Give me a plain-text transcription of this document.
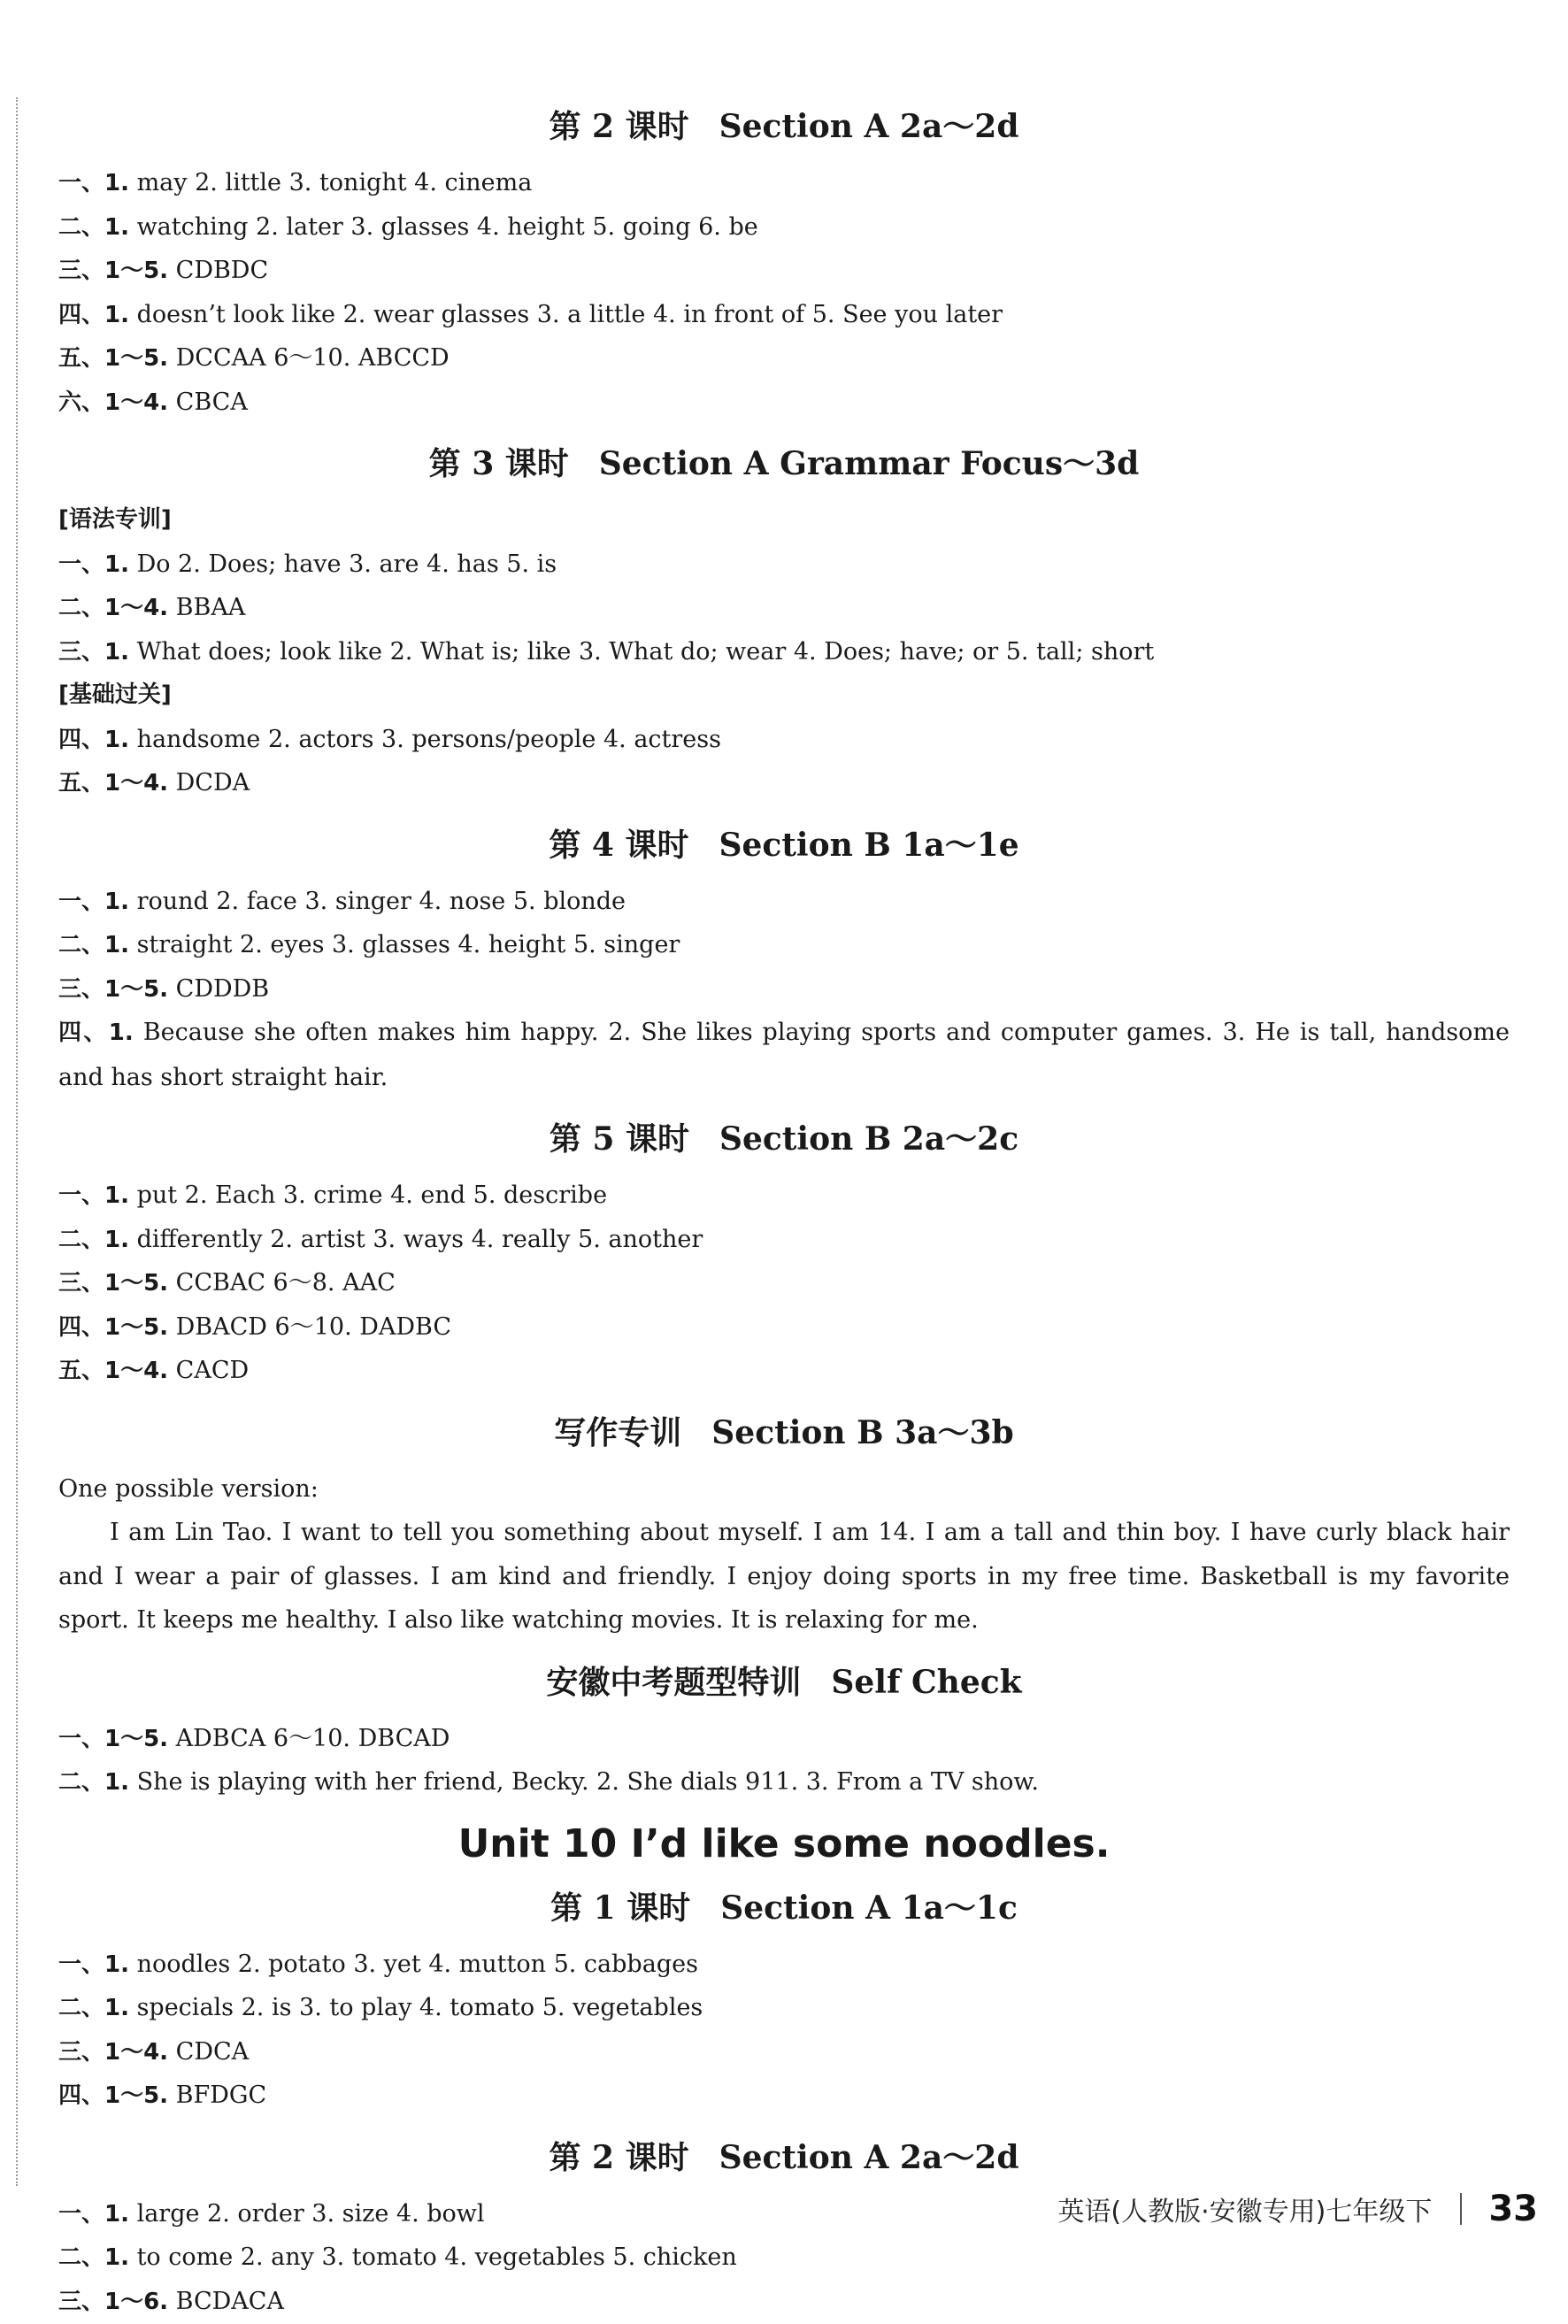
第 2 课时 Section A 2a～2d
一、1. may 2. little 3. tonight 4. cinema
二、1. watching 2. later 3. glasses 4. height 5. going 6. be
三、1～5. CDBDC
四、1. doesn’t look like 2. wear glasses 3. a little 4. in front of 5. See you later
五、1～5. DCCAA 6～10. ABCCD
六、1～4. CBCA
第 3 课时 Section A Grammar Focus～3d
[语法专训]
一、1. Do 2. Does; have 3. are 4. has 5. is
二、1～4. BBAA
三、1. What does; look like 2. What is; like 3. What do; wear 4. Does; have; or 5. tall; short
[基础过关]
四、1. handsome 2. actors 3. persons/people 4. actress
五、1～4. DCDA
第 4 课时 Section B 1a～1e
一、1. round 2. face 3. singer 4. nose 5. blonde
二、1. straight 2. eyes 3. glasses 4. height 5. singer
三、1～5. CDDDB
四、1. Because she often makes him happy. 2. She likes playing sports and computer games. 3. He is tall, handsome and has short straight hair.
第 5 课时 Section B 2a～2c
一、1. put 2. Each 3. crime 4. end 5. describe
二、1. differently 2. artist 3. ways 4. really 5. another
三、1～5. CCBAC 6～8. AAC
四、1～5. DBACD 6～10. DADBC
五、1～4. CACD
写作专训 Section B 3a～3b
One possible version:
I am Lin Tao. I want to tell you something about myself. I am 14. I am a tall and thin boy. I have curly black hair and I wear a pair of glasses. I am kind and friendly. I enjoy doing sports in my free time. Basketball is my favorite sport. It keeps me healthy. I also like watching movies. It is relaxing for me.
安徽中考题型特训 Self Check
一、1～5. ADBCA 6～10. DBCAD
二、1. She is playing with her friend, Becky. 2. She dials 911. 3. From a TV show.
Unit 10 I’d like some noodles.
第 1 课时 Section A 1a～1c
一、1. noodles 2. potato 3. yet 4. mutton 5. cabbages
二、1. specials 2. is 3. to play 4. tomato 5. vegetables
三、1～4. CDCA
四、1～5. BFDGC
第 2 课时 Section A 2a～2d
一、1. large 2. order 3. size 4. bowl
二、1. to come 2. any 3. tomato 4. vegetables 5. chicken
三、1～6. BCDACA
英语(人教版·安徽专用)七年级下 33
